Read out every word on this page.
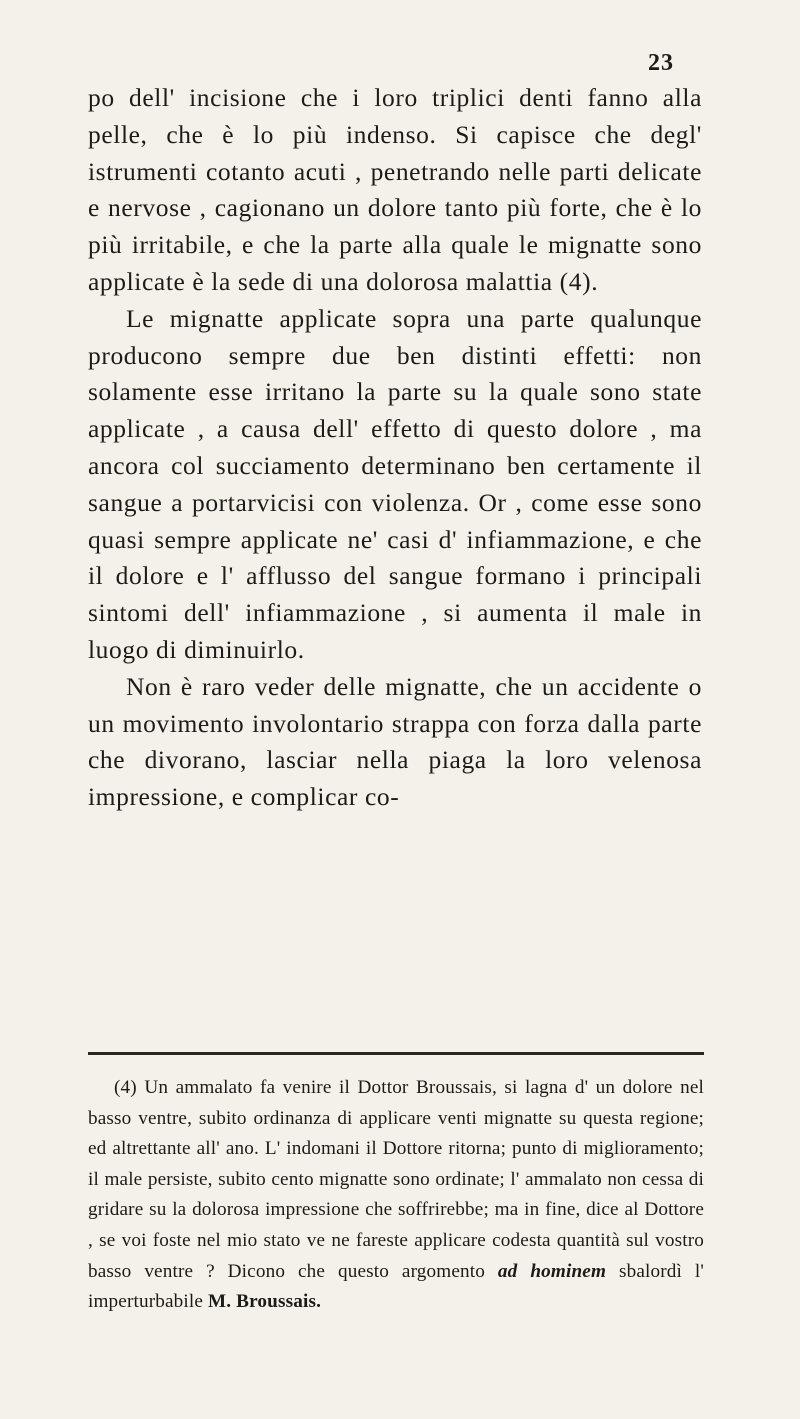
23

po dell' incisione che i loro triplici denti fanno alla pelle, che è lo più indenso. Si capisce che degl' istrumenti cotanto acuti , penetrando nelle parti delicate e nervose , cagionano un dolore tanto più forte, che è lo più irritabile, e che la parte alla quale le mignatte sono applicate è la sede di una dolorosa malattia (4).

Le mignatte applicate sopra una parte qualunque producono sempre due ben distinti effetti: non solamente esse irritano la parte su la quale sono state applicate , a causa dell' effetto di questo dolore , ma ancora col succiamento determinano ben certamente il sangue a portarvicisi con violenza. Or , come esse sono quasi sempre applicate ne' casi d' infiammazione, e che il dolore e l' afflusso del sangue formano i principali sintomi dell' infiammazione , si aumenta il male in luogo di diminuirlo.

Non è raro veder delle mignatte, che un accidente o un movimento involontario strappa con forza dalla parte che divorano, lasciar nella piaga la loro velenosa impressione, e complicar co-

(4) Un ammalato fa venire il Dottor Broussais, si lagna d' un dolore nel basso ventre, subito ordinanza di applicare venti mignatte su questa regione; ed altrettante all' ano. L' indomani il Dottore ritorna; punto di miglioramento; il male persiste, subito cento mignatte sono ordinate; l' ammalato non cessa di gridare su la dolorosa impressione che soffrirebbe; ma in fine, dice al Dottore , se voi foste nel mio stato ve ne fareste applicare codesta quantità sul vostro basso ventre ? Dicono che questo argomento ad hominem sbalordì l' imperturbabile M. Broussais.
